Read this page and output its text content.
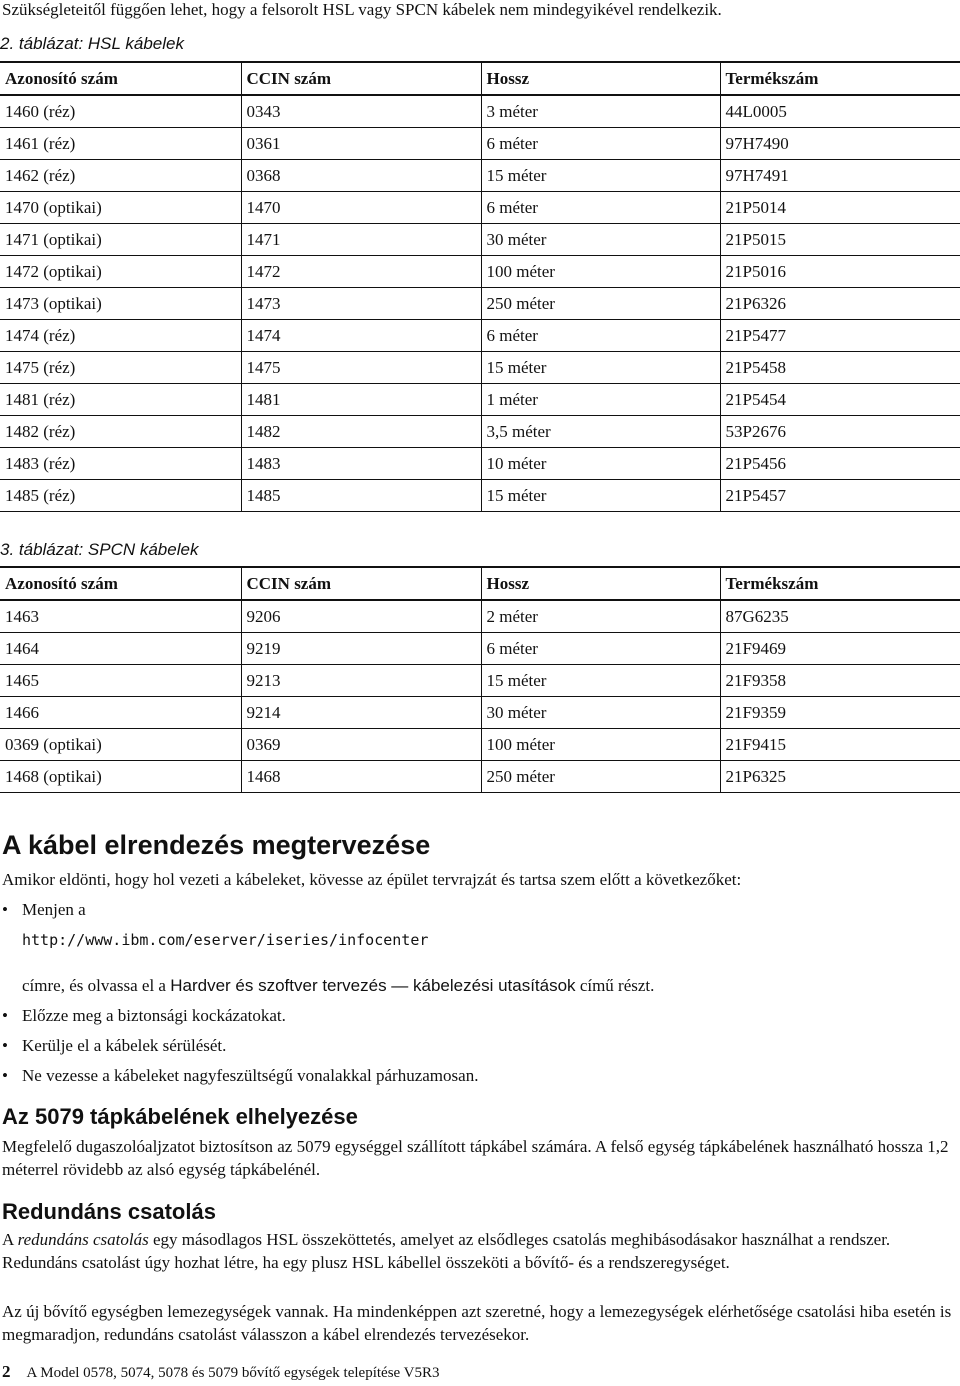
Szükségleteitől függően lehet, hogy a felsorolt HSL vagy SPCN kábelek nem mindegyikével rendelkezik.
2. táblázat: HSL kábelek
Azonosító szám	CCIN szám	Hossz	Termékszám
1460 (réz)	0343	3 méter	44L0005
1461 (réz)	0361	6 méter	97H7490
1462 (réz)	0368	15 méter	97H7491
1470 (optikai)	1470	6 méter	21P5014
1471 (optikai)	1471	30 méter	21P5015
1472 (optikai)	1472	100 méter	21P5016
1473 (optikai)	1473	250 méter	21P6326
1474 (réz)	1474	6 méter	21P5477
1475 (réz)	1475	15 méter	21P5458
1481 (réz)	1481	1 méter	21P5454
1482 (réz)	1482	3,5 méter	53P2676
1483 (réz)	1483	10 méter	21P5456
1485 (réz)	1485	15 méter	21P5457
3. táblázat: SPCN kábelek
Azonosító szám	CCIN szám	Hossz	Termékszám
1463	9206	2 méter	87G6235
1464	9219	6 méter	21F9469
1465	9213	15 méter	21F9358
1466	9214	30 méter	21F9359
0369 (optikai)	0369	100 méter	21F9415
1468 (optikai)	1468	250 méter	21P6325
A kábel elrendezés megtervezése

Amikor eldönti, hogy hol vezeti a kábeleket, kövesse az épület tervrajzát és tartsa szem előtt a következőket:

• Menjen a
http://www.ibm.com/eserver/iseries/infocenter
címre, és olvassa el a Hardver és szoftver tervezés — kábelezési utasítások című részt.
• Előzze meg a biztonsági kockázatokat.
• Kerülje el a kábelek sérülését.
• Ne vezesse a kábeleket nagyfeszültségű vonalakkal párhuzamosan.
Az 5079 tápkábelének elhelyezése

Megfelelő dugaszolóaljzatot biztosítson az 5079 egységgel szállított tápkábel számára. A felső egység tápkábelének használható hossza 1,2 méterrel rövidebb az alsó egység tápkábelénél.

Redundáns csatolás

A redundáns csatolás egy másodlagos HSL összeköttetés, amelyet az elsődleges csatolás meghibásodásakor használhat a rendszer. Redundáns csatolást úgy hozhat létre, ha egy plusz HSL kábellel összeköti a bővítő- és a rendszeregységet.

Az új bővítő egységben lemezegységek vannak. Ha mindenképpen azt szeretné, hogy a lemezegységek elérhetősége csatolási hiba esetén is megmaradjon, redundáns csatolást válasszon a kábel elrendezés tervezésekor.

2 A Model 0578, 5074, 5078 és 5079 bővítő egységek telepítése V5R3
